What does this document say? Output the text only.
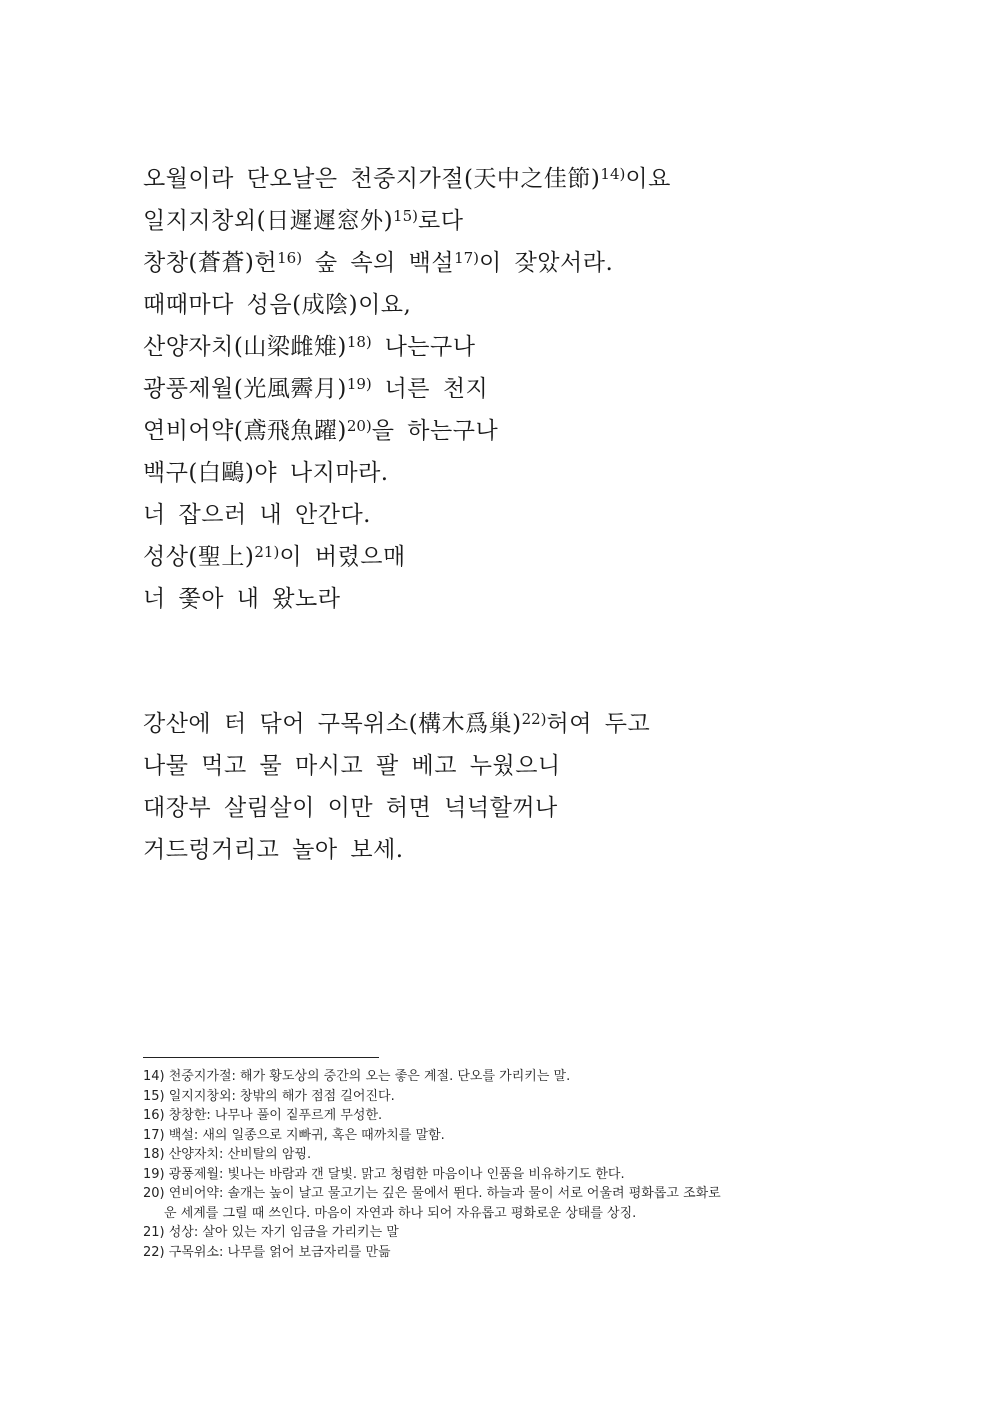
오월이라 단오날은 천중지가절(天中之佳節)$^{14)}$이요
일지지창외(日遲遲窓外)$^{15)}$로다
창창(蒼蒼)헌$^{16)}$ 숲 속의 백설$^{17)}$이 잦았서라.
때때마다 성음(成陰)이요,
산양자치(山梁雌雉)$^{18)}$ 나는구나
광풍제월(光風霽月)$^{19)}$ 너른 천지
연비어약(鳶飛魚躍)$^{20)}$을 하는구나
백구(白鷗)야 나지마라.
너 잡으러 내 안간다.
성상(聖上)$^{21)}$이 버렸으매
너 쫓아 내 왔노라
강산에 터 닦어 구목위소(構木爲巢)$^{22)}$허여 두고
나물 먹고 물 마시고 팔 베고 누웠으니
대장부 살림살이 이만 허면 넉넉할꺼나
거드렁거리고 놀아 보세.
14) 천중지가절: 해가 황도상의 중간의 오는 좋은 계절. 단오를 가리키는 말.
15) 일지지창외: 창밖의 해가 점점 길어진다.
16) 창창한: 나무나 풀이 짙푸르게 무성한.
17) 백설: 새의 일종으로 지빠귀, 혹은 때까치를 말함.
18) 산양자치: 산비탈의 암꿩.
19) 광풍제월: 빛나는 바람과 갠 달빛. 맑고 청렴한 마음이나 인품을 비유하기도 한다.
20) 연비어약: 솔개는 높이 날고 물고기는 깊은 물에서 뛴다. 하늘과 물이 서로 어울려 평화롭고 조화로
운 세계를 그릴 때 쓰인다. 마음이 자연과 하나 되어 자유롭고 평화로운 상태를 상징.
21) 성상: 살아 있는 자기 임금을 가리키는 말
22) 구목위소: 나무를 얽어 보금자리를 만듦
